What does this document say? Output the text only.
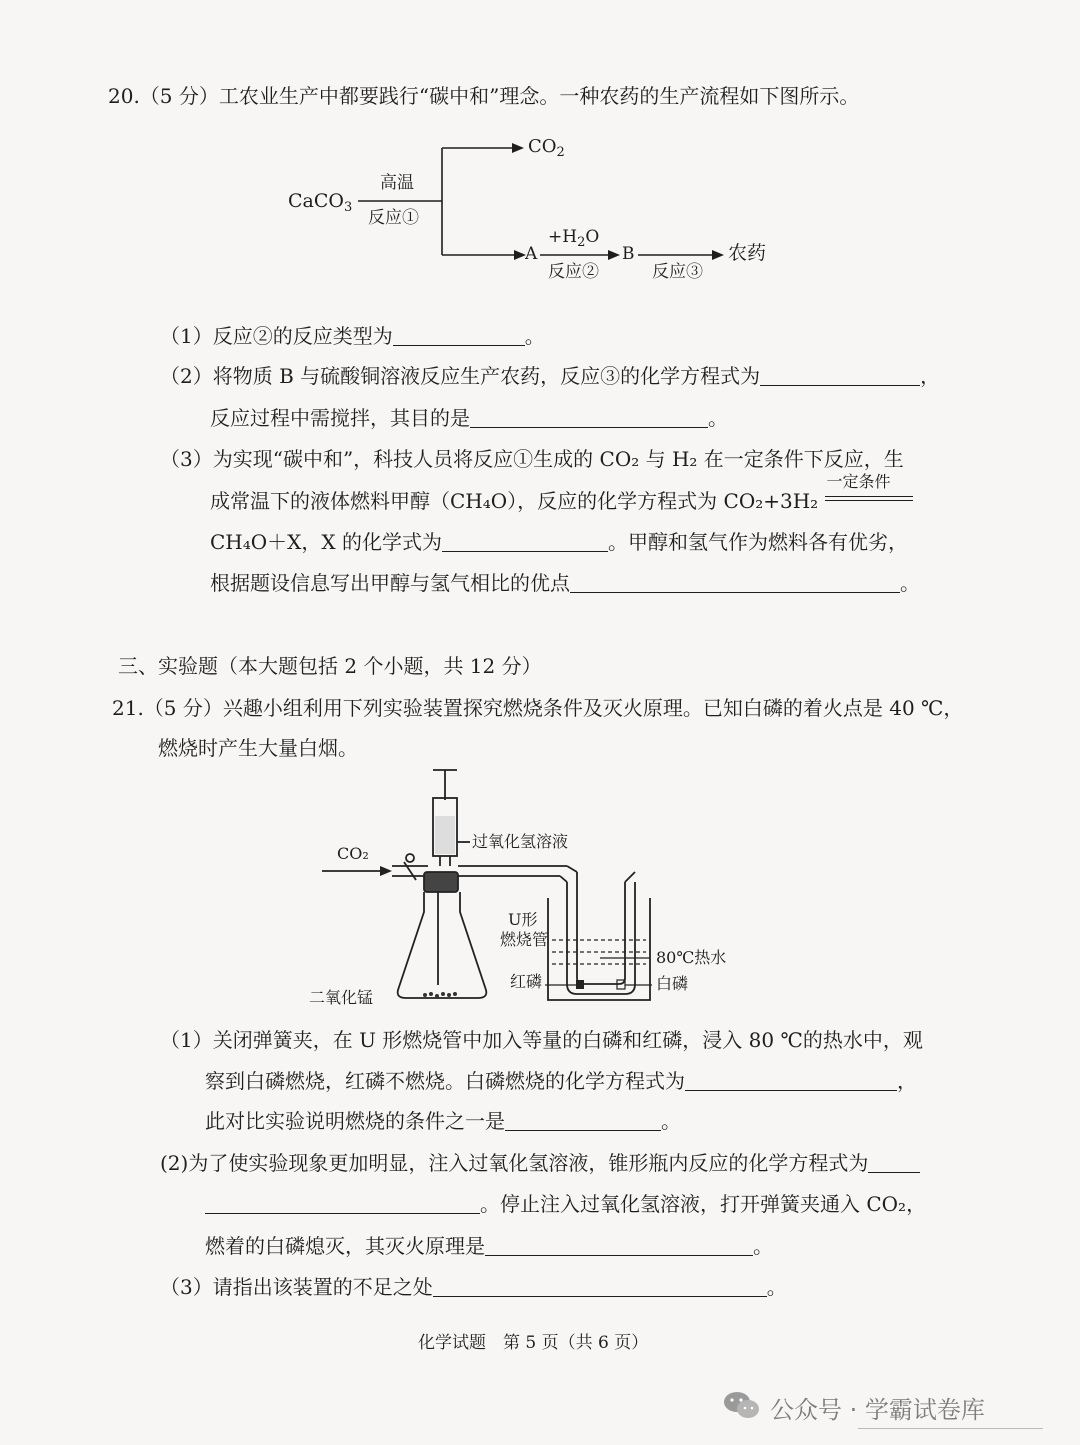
20.（5 分）工农业生产中都要践行“碳中和”理念。一种农药的生产流程如下图所示。
CaCO$_3$
高温
反应①
$CO_2$
A
$+H_2O$
反应②
B
反应③
农药
（1）反应②的反应类型为	。
（2）将物质 B 与硫酸铜溶液反应生产农药，反应③的化学方程式为	，
反应过程中需搅拌，其目的是	。
（3）为实现“碳中和”，科技人员将反应①生成的 CO₂ 与 H₂ 在一定条件下反应，生
成常温下的液体燃料甲醇（CH₄O），反应的化学方程式为 CO₂+3H₂
一定条件
CH₄O＋X，X 的化学式为	。甲醇和氢气作为燃料各有优劣，
根据题设信息写出甲醇与氢气相比的优点	。
三、实验题（本大题包括 2 个小题，共 12 分）
21.（5 分）兴趣小组利用下列实验装置探究燃烧条件及灭火原理。已知白磷的着火点是 40 ℃，
燃烧时产生大量白烟。
CO₂
过氧化氢溶液
U形
燃烧管
80℃热水
红磷	白磷
二氧化锰
（1）关闭弹簧夹，在 U 形燃烧管中加入等量的白磷和红磷，浸入 80 ℃的热水中，观
察到白磷燃烧，红磷不燃烧。白磷燃烧的化学方程式为	，
此对比实验说明燃烧的条件之一是	。
(2)为了使实验现象更加明显，注入过氧化氢溶液，锥形瓶内反应的化学方程式为
。停止注入过氧化氢溶液，打开弹簧夹通入 CO₂，
燃着的白磷熄灭，其灭火原理是	。
（3）请指出该装置的不足之处	。
化学试题　第 5 页（共 6 页）
公众号 · 学霸试卷库
